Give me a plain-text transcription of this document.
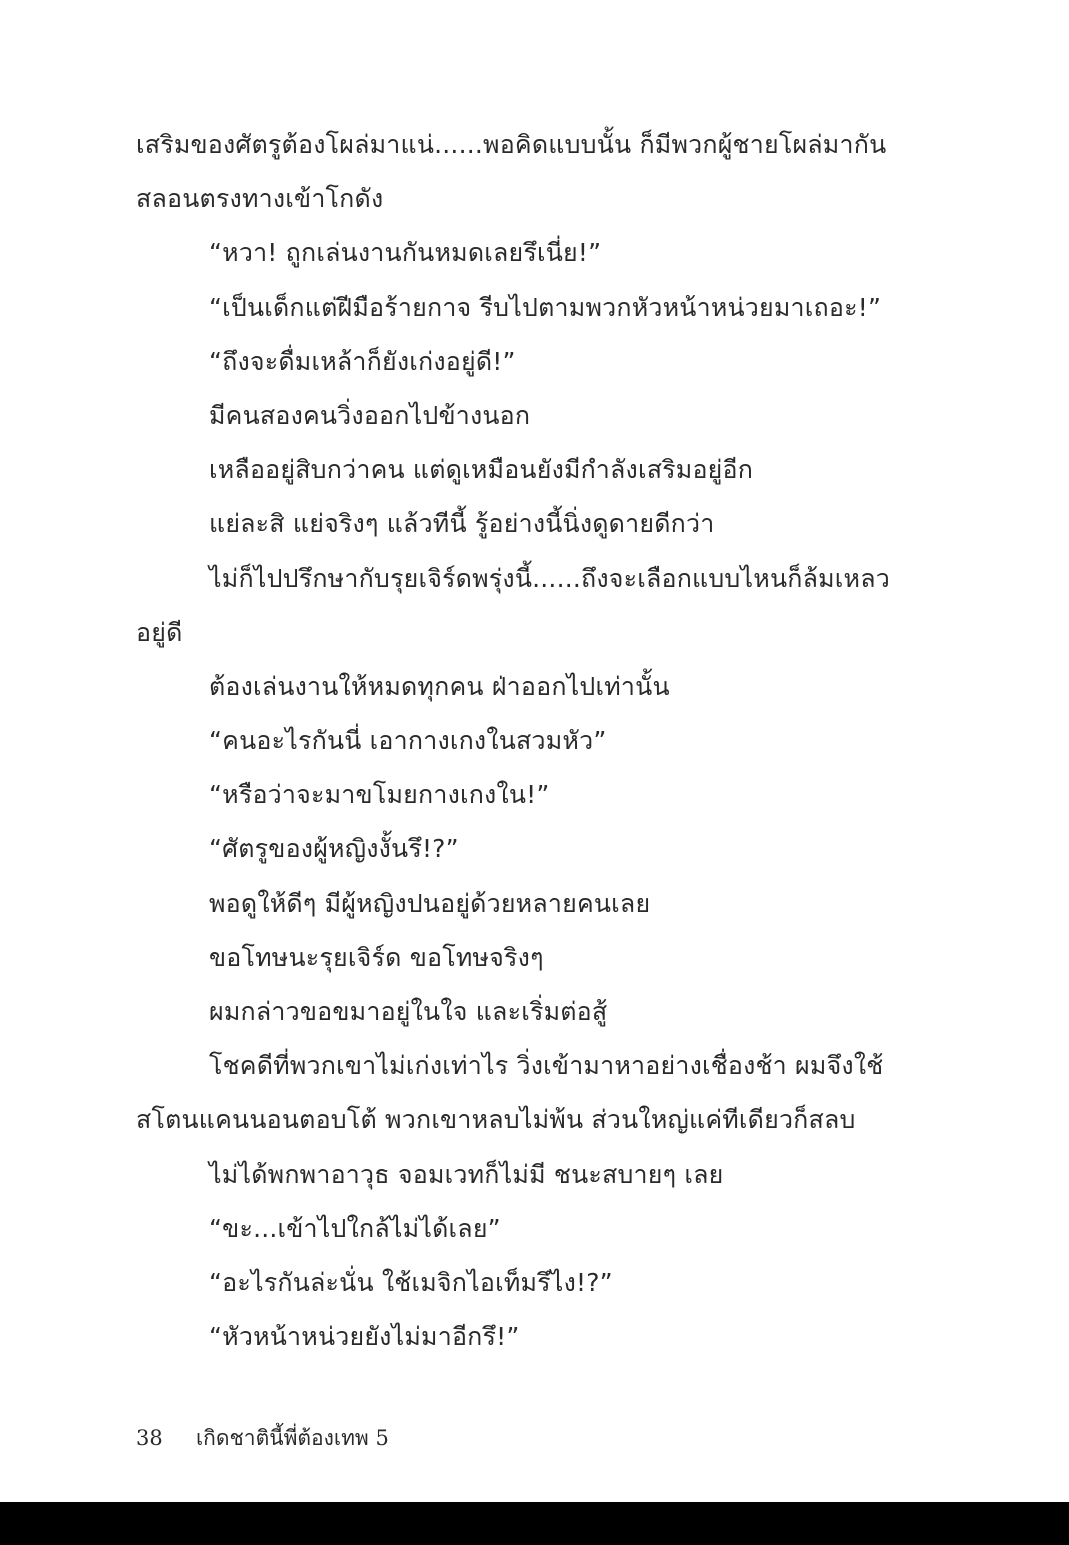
เสริมของศัตรูต้องโผล่มาแน่......พอคิดแบบนั้น ก็มีพวกผู้ชายโผล่มากัน
สลอนตรงทางเข้าโกดัง
“หวา! ถูกเล่นงานกันหมดเลยรึเนี่ย!”
“เป็นเด็กแต่ฝีมือร้ายกาจ รีบไปตามพวกหัวหน้าหน่วยมาเถอะ!”
“ถึงจะดื่มเหล้าก็ยังเก่งอยู่ดี!”
มีคนสองคนวิ่งออกไปข้างนอก
เหลืออยู่สิบกว่าคน แต่ดูเหมือนยังมีกำลังเสริมอยู่อีก
แย่ละสิ แย่จริงๆ แล้วทีนี้ รู้อย่างนี้นิ่งดูดายดีกว่า
ไม่ก็ไปปรึกษากับรุยเจิร์ดพรุ่งนี้......ถึงจะเลือกแบบไหนก็ล้มเหลว
อยู่ดี
ต้องเล่นงานให้หมดทุกคน ฝ่าออกไปเท่านั้น
“คนอะไรกันนี่ เอากางเกงในสวมหัว”
“หรือว่าจะมาขโมยกางเกงใน!”
“ศัตรูของผู้หญิงงั้นรึ!?”
พอดูให้ดีๆ มีผู้หญิงปนอยู่ด้วยหลายคนเลย
ขอโทษนะรุยเจิร์ด ขอโทษจริงๆ
ผมกล่าวขอขมาอยู่ในใจ และเริ่มต่อสู้
โชคดีที่พวกเขาไม่เก่งเท่าไร วิ่งเข้ามาหาอย่างเชื่องช้า ผมจึงใช้
สโตนแคนนอนตอบโต้ พวกเขาหลบไม่พ้น ส่วนใหญ่แค่ทีเดียวก็สลบ
ไม่ได้พกพาอาวุธ จอมเวทก็ไม่มี ชนะสบายๆ เลย
“ขะ...เข้าไปใกล้ไม่ได้เลย”
“อะไรกันล่ะนั่น ใช้เมจิกไอเท็มรึไง!?”
“หัวหน้าหน่วยยังไม่มาอีกรึ!”
38 เกิดชาตินี้พี่ต้องเทพ 5
